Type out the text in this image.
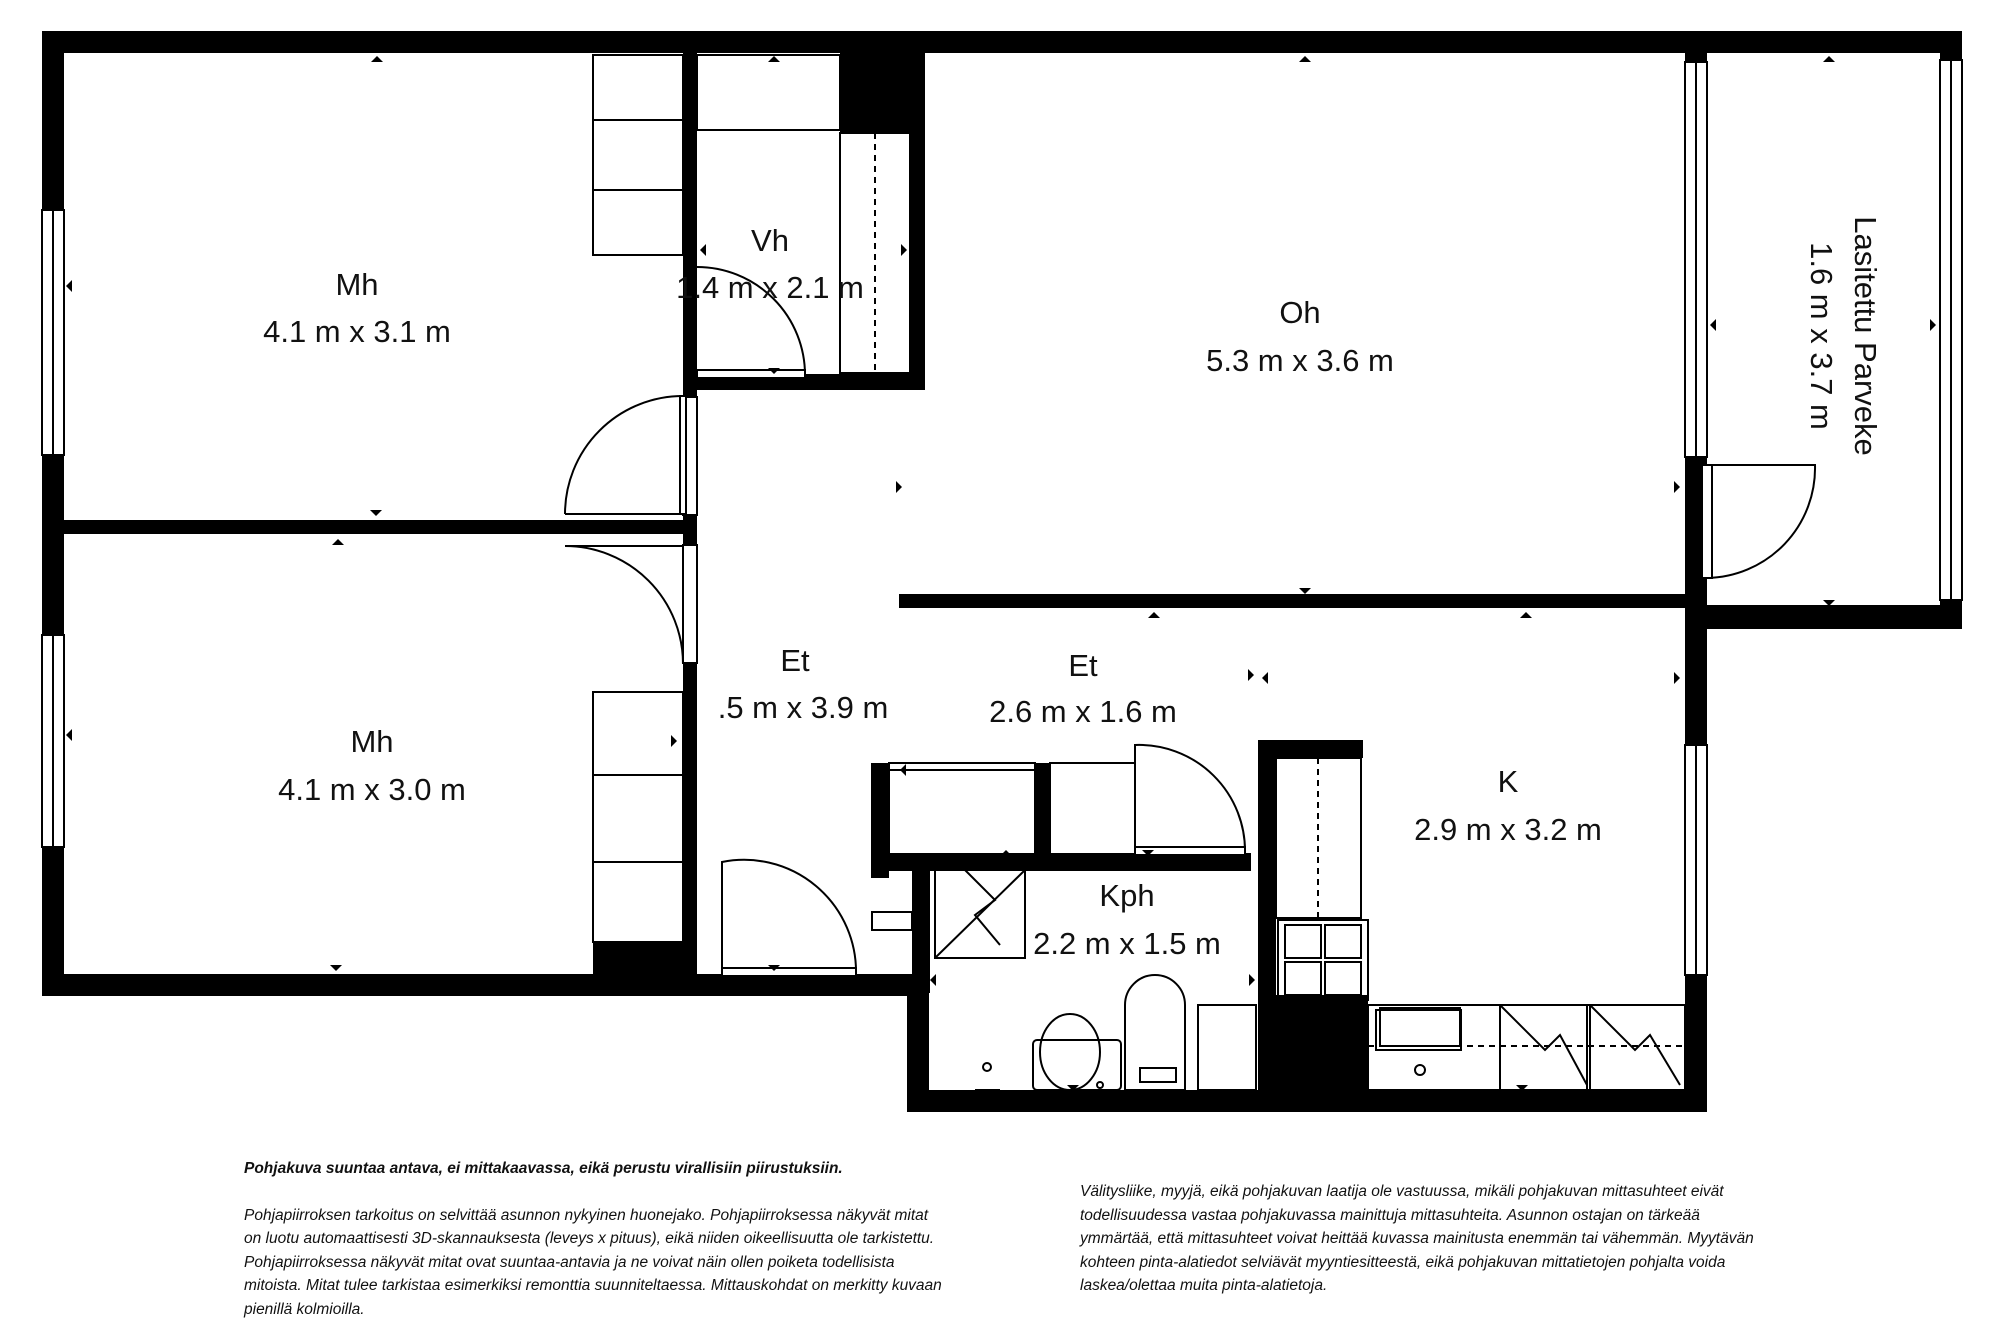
Mh
4.1 m x 3.1 m
Vh
1.4 m x 2.1 m
Oh
5.3 m x 3.6 m	Lasitettu Parveke
1.6 m x 3.7 m
Mh
4.1 m x 3.0 m
Et
.5 m x 3.9 m
Et
2.6 m x 1.6 m
K
2.9 m x 3.2 m
Kph
2.2 m x 1.5 m

Pohjakuva suuntaa antava, ei mittakaavassa, eikä perustu virallisiin piirustuksiin.

Pohjapiirroksen tarkoitus on selvittää asunnon nykyinen huonejako. Pohjapiirroksessa näkyvät mitat on luotu automaattisesti 3D-skannauksesta (leveys x pituus), eikä niiden oikeellisuutta ole tarkistettu. Pohjapiirroksessa näkyvät mitat ovat suuntaa-antavia ja ne voivat näin ollen poiketa todellisista mitoista. Mitat tulee tarkistaa esimerkiksi remonttia suunniteltaessa. Mittauskohdat on merkitty kuvaan pienillä kolmioilla.

Välitysliike, myyjä, eikä pohjakuvan laatija ole vastuussa, mikäli pohjakuvan mittasuhteet eivät todellisuudessa vastaa pohjakuvassa mainittuja mittasuhteita. Asunnon ostajan on tärkeää ymmärtää, että mittasuhteet voivat heittää kuvassa mainitusta enemmän tai vähemmän. Myytävän kohteen pinta-alatiedot selviävät myyntiesitteestä, eikä pohjakuvan mittatietojen pohjalta voida laskea/olettaa muita pinta-alatietoja.
